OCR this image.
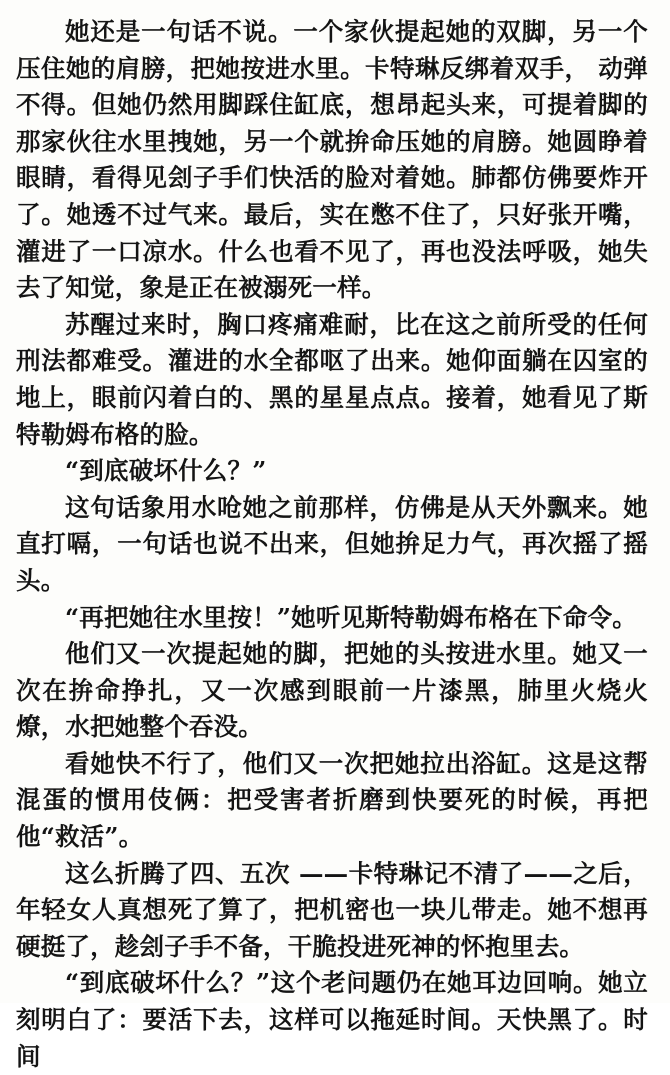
她还是一句话不说。一个家伙提起她的双脚，另一个压住她的肩膀，把她按进水里。卡特琳反绑着双手， 动弹不得。但她仍然用脚踩住缸底，想昂起头来，可提着脚的那家伙往水里拽她，另一个就拚命压她的肩膀。她圆睁着眼睛，看得见刽子手们快活的脸对着她。肺都仿佛要炸开了。她透不过气来。最后，实在憋不住了，只好张开嘴，灌进了一口凉水。什么也看不见了，再也没法呼吸，她失去了知觉，象是正在被溺死一样。

苏醒过来时，胸口疼痛难耐，比在这之前所受的任何刑法都难受。灌进的水全都呕了出来。她仰面躺在囚室的地上，眼前闪着白的、黑的星星点点。接着，她看见了斯特勒姆布格的脸。

“到底破坏什么？”

这句话象用水呛她之前那样，仿佛是从天外飘来。她直打嗝，一句话也说不出来，但她拚足力气，再次摇了摇头。

“再把她往水里按！”她听见斯特勒姆布格在下命令。

他们又一次提起她的脚，把她的头按进水里。她又一次在拚命挣扎，又一次感到眼前一片漆黑，肺里火烧火燎，水把她整个吞没。

看她快不行了，他们又一次把她拉出浴缸。这是这帮混蛋的惯用伎俩：把受害者折磨到快要死的时候，再把他“救活”。

这么折腾了四、五次 ——卡特琳记不清了——之后，年轻女人真想死了算了，把机密也一块儿带走。她不想再硬挺了，趁刽子手不备，干脆投进死神的怀抱里去。

“到底破坏什么？”这个老问题仍在她耳边回响。她立刻明白了：要活下去，这样可以拖延时间。天快黑了。时间
